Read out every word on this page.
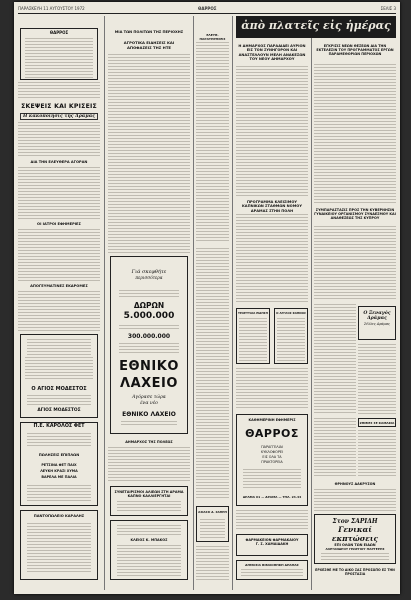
ΠΑΡΑΣΚΕΥΗ 11 ΑΥΓΟΥΣΤΟΥ 1972	ΘΑΡΡΟΣ	ΣΕΛΙΣ 3
ΘΑΡΡΟΣ
ΣΚΕΨΕΙΣ ΚΑΙ ΚΡΙΣΕΙΣ
Η κακοποίησις της Δράμας
ΔΙΑ ΤΗΝ ΕΛΕΥΘΕΡΑ ΑΓΟΡΑΝ
ΟΙ ΙΑΤΡΟΙ ΕΦΗΜΕΡΙΕΣ
ΑΠΟΓΕΥΜΑΤΙΝΕΣ ΕΚΔΡΟΜΕΣ
Ο ΑΓΙΟΣ ΜΟΔΕΣΤΟΣ
ΑΓΙΟΣ ΜΟΔΕΣΤΟΣ
Π.Ε. ΚΑΡΟΛΟΣ ΦΕΤ
ΠΩΛΗΣΕΙΣ ΕΠΙΠΛΩΝ
ΡΕΤΣΙΝΑ ΦΕΤ ΠΑΙΧ
ΛΕΥΚΗ ΚΡΑΣΙ ΧΥΜΑ
ΒΑΡΕΛΑ ΜΕ ΠΑΛΙΑ
ΠΑΝΤΟΠΩΛΕΙΟ ΚΑΡΑΛΗΣ
ΜΙΑ ΤΩΝ ΠΟΛΙΤΩΝ ΤΗΣ ΠΕΡΙΟΧΗΣ
ΑΓΡΟΤΙΚΑ ΕΙΔΗΣΕΙΣ ΚΑΙ ΑΠΟΦΑΣΕΙΣ ΤΗΣ ΗΤΕ
Γιά σκεφθήτε
περισσότερα
ΔΩΡΩΝ
5.000.000
300.000.000
ΕΘΝΙΚΟ
ΛΑΧΕΙΟ
Αγόρασε τώρα
ένα νέο
ΕΘΝΙΚΟ ΛΑΧΕΙΟ
ΔΗΜΑΡΧΟΣ ΤΗΣ ΠΟΛΕΩΣ
ΣΥΝΕΤΑΙΡΙΣΜΟΙ ΑΛΙΕΩΝ ΣΤΗ ΔΡΑΜΑ
ΚΑΠΝΟ ΚΑΛΛΙΕΡΓΗΤΑΙ
ΚΛΕΙΟΣ Κ. ΜΠΑΚΟΣ
ΕΛΕΥΘ. ΠΑΡΑΤΗΡΗΣΕΙΣ
ΑΣΙΑΣΣΙ Δ. ΧΑΠΠΗ
ἀπὸ πλατεῖς εἰς ἡμέρας
Η ΔΗΜΑΡΧΟΣ ΠΑΡΑΔΙΔΕΙ ΑΥΡΙΟΝ ΕΙΣ ΤΟΝ ΣΥΝΗΓΟΡΟΝ ΚΑΙ ΑΝΑΣΤΕΛΛΟΥΝ ΜΕΛΗ ΑΝΑΚΕΣΩΝ ΤΟΥ ΝΕΟΥ ΔΗΜΑΡΧΟΥ
ΠΡΟΓΡΑΜΜΑ ΚΛΕΙΣΙΜΟΥ ΚΑΠΝΙΚΩΝ ΣΤΑΘΜΩΝ ΝΟΜΟΥ ΔΡΑΜΑΣ ΣΤΗΝ ΠΟΛΗ
ΤΕΛΕΥΤΑΙΑ ΕΙΔΗΣΗ	Ο ΑΓΓΛΟΣ ΚΑΠΝΟΣ
ΚΑΘΗΜΕΡΙΝΗ ΕΦΗΜΕΡΙΣ
ΘΑΡΡΟΣ
ΠΑΡΑΓΓΕΛΙΑΙ
ΚΥΚΛΟΦΟΡΕΙ
ΕΙΣ ΟΛΑ ΤΑ
ΠΡΑΚΤΟΡΕΙΑ
ΔΡΑΜΑ 61 — ΔΡΑΜΑ — ΤΗΛ. 24-44
ΦΑΡΜΑΚΕΙΟΝ ΦΑΡΜΑΚΑΙΟΥ
Γ. Σ. ΧΑΜΑΙΔΑΚΗ
ΔΗΜΟΣΙΑ ΒΙΒΛΙΟΘΗΚΗ ΔΡΑΜΑΣ
ΕΓΚΡΙΣΙΣ ΝΕΩΝ ΘΕΣΕΩΝ ΔΙΑ ΤΗΝ ΕΚΤΕΛΕΣΙΝ ΤΟΥ ΠΡΟΓΡΑΜΜΑΤΟΣ ΕΡΓΩΝ ΠΑΡΑΜΕΘΟΡΙΩΝ ΠΕΡΙΟΧΩΝ
ΣΥΜΠΑΡΑΣΤΑΣΙΣ ΠΡΟΣ ΤΗΝ ΚΥΒΕΡΝΗΣΙΝ ΓΥΝΑΙΚΕΙΟΥ ΟΡΓΑΝΙΣΜΟΥ ΣΥΝΔΕΣΜΟΥ ΚΑΙ ΑΝΑΘΕΣΕΩΣ ΤΗΣ ΚΥΠΡΟΥ
Ο Ξεναγός Δράμας
Σέλλες Δράμας
ΖΗΜΙΕΣ ΣΕ ΚΑΜΑΚΙΑ
ΘΡΗΝΟΥΣ ΔΑΚΡΥΣΟΝ
Στον ΣΑΡΙΔΗ
Γενικαί εκπτώσεις
ΕΠΙ ΟΛΩΝ ΤΩΝ ΕΙΔΩΝ
ΑΛΕΞΑΝΔΡΟΥ ΓΕΩΡΓΙΟΥ ΠΑΡΤΕΡΗΣ
ΕΡΧΕΣΘΕ ΜΕ ΤΟ ΔΙΚΟ ΣΑΣ ΠΡΟΣΩΠΟ ΕΣ ΤΗΝ ΠΡΟΣΤΑΣΙΑ
